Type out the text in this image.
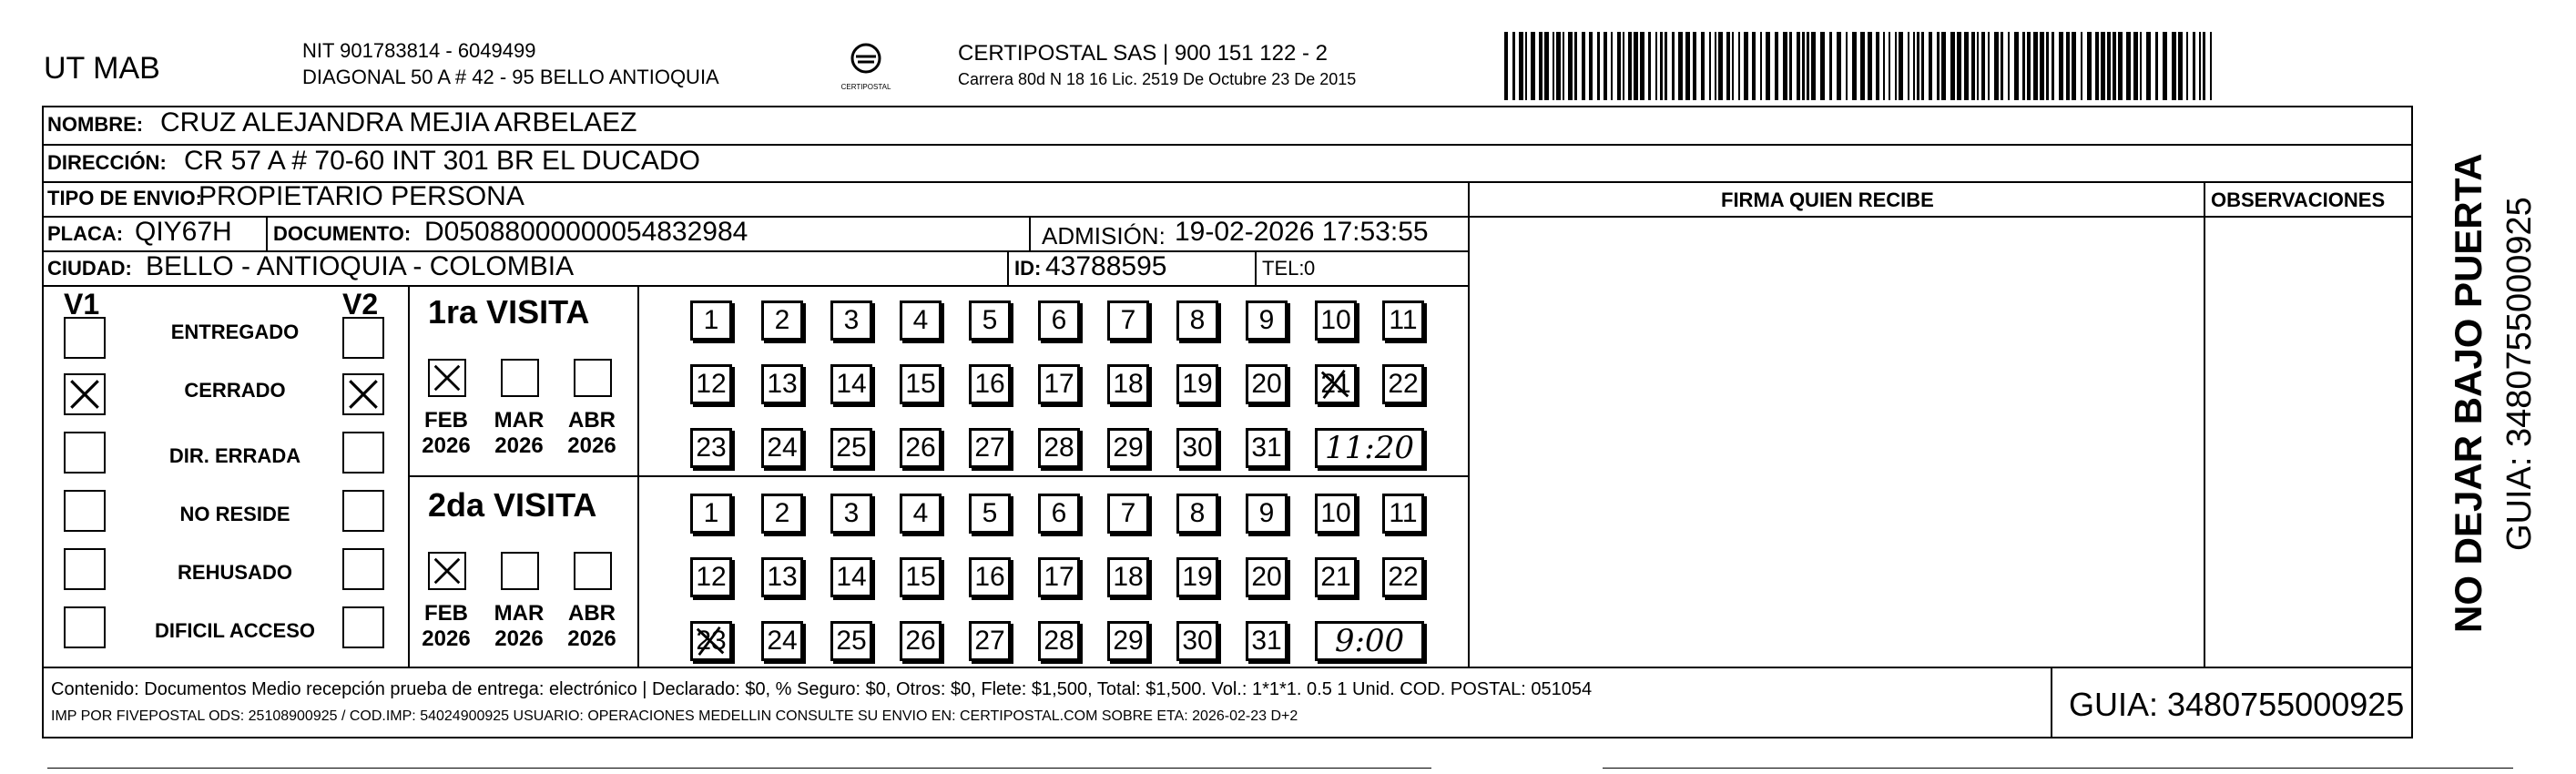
UT MAB
NIT 901783814 - 6049499
DIAGONAL 50 A # 42 - 95 BELLO ANTIOQUIA	CERTIPOSTAL
CERTIPOSTAL SAS | 900 151 122 - 2
Carrera 80d N 18 16 Lic. 2519 De Octubre 23 De 2015
NOMBRE: CRUZ ALEJANDRA MEJIA ARBELAEZ
DIRECCIÓN: CR 57 A # 70-60 INT 301 BR EL DUCADO
TIPO DE ENVIO:
PROPIETARIO PERSONA
PLACA: QIY67H DOCUMENTO: D05088000000054832984	ADMISIÓN: 19-02-2026 17:53:55
CIUDAD: BELLO - ANTIOQUIA - COLOMBIA	ID: 43788595	TEL: 0
FIRMA QUIEN RECIBE	OBSERVACIONES
V1	V2
ENTREGADO
CERRADO
DIR. ERRADA
NO RESIDE
REHUSADO
DIFICIL ACCESO
FEB
2026
MAR
2026
ABR
2026
1	2	3	4	5	6	7	8	9	10 11
12 13 14 15 16 17 18 19 20 21 22
23 24 25 26 27 28 29 30 31	11:20
FEB
2026
MAR
2026
ABR
2026
1	2	3	4	5	6	7	8	9	10 11
12 13 14 15 16 17 18 19 20 21 22
23 24 25 26 27 28 29 30 31	9:00
1ra VISITA
2da VISITA	NO DEJAR BAJO PUERTA GUIA: 3480755000925
Contenido: Documentos Medio recepción prueba de entrega: electrónico | Declarado: $0, % Seguro: $0, Otros: $0, Flete: $1,500, Total: $1,500. Vol.: 1*1*1. 0.5 1 Unid. COD. POSTAL: 051054
IMP POR FIVEPOSTAL ODS: 25108900925 / COD.IMP: 54024900925 USUARIO: OPERACIONES MEDELLIN CONSULTE SU ENVIO EN: CERTIPOSTAL.COM SOBRE ETA: 2026-02-23 D+2	GUIA: 3480755000925
